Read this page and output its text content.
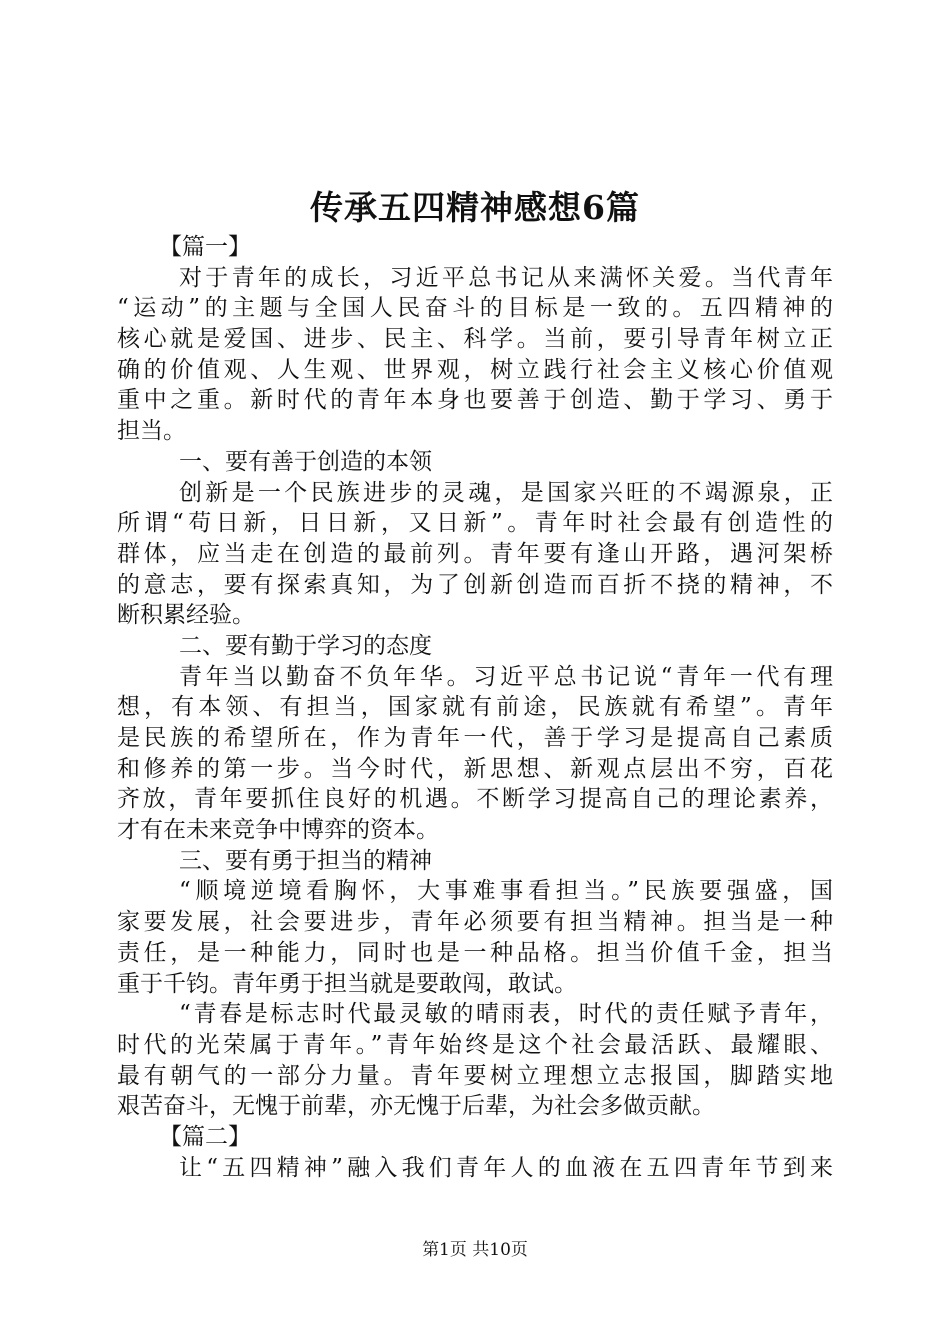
传承五四精神感想6篇
【篇一】
对于青年的成长，习近平总书记从来满怀关爱。当代青年
“运动”的主题与全国人民奋斗的目标是一致的。五四精神的
核心就是爱国、进步、民主、科学。当前，要引导青年树立正
确的价值观、人生观、世界观，树立践行社会主义核心价值观
重中之重。新时代的青年本身也要善于创造、勤于学习、勇于
担当。
一、要有善于创造的本领
创新是一个民族进步的灵魂，是国家兴旺的不竭源泉，正
所谓“苟日新，日日新，又日新”。青年时社会最有创造性的
群体，应当走在创造的最前列。青年要有逢山开路，遇河架桥
的意志，要有探索真知，为了创新创造而百折不挠的精神，不
断积累经验。
二、要有勤于学习的态度
青年当以勤奋不负年华。习近平总书记说“青年一代有理
想，有本领、有担当，国家就有前途，民族就有希望”。青年
是民族的希望所在，作为青年一代，善于学习是提高自己素质
和修养的第一步。当今时代，新思想、新观点层出不穷，百花
齐放，青年要抓住良好的机遇。不断学习提高自己的理论素养，
才有在未来竞争中博弈的资本。
三、要有勇于担当的精神
“顺境逆境看胸怀，大事难事看担当。”民族要强盛，国
家要发展，社会要进步，青年必须要有担当精神。担当是一种
责任，是一种能力，同时也是一种品格。担当价值千金，担当
重于千钧。青年勇于担当就是要敢闯，敢试。
“青春是标志时代最灵敏的晴雨表，时代的责任赋予青年，
时代的光荣属于青年。”青年始终是这个社会最活跃、最耀眼、
最有朝气的一部分力量。青年要树立理想立志报国，脚踏实地
艰苦奋斗，无愧于前辈，亦无愧于后辈，为社会多做贡献。
【篇二】
让“五四精神”融入我们青年人的血液在五四青年节到来
第1页 共10页
